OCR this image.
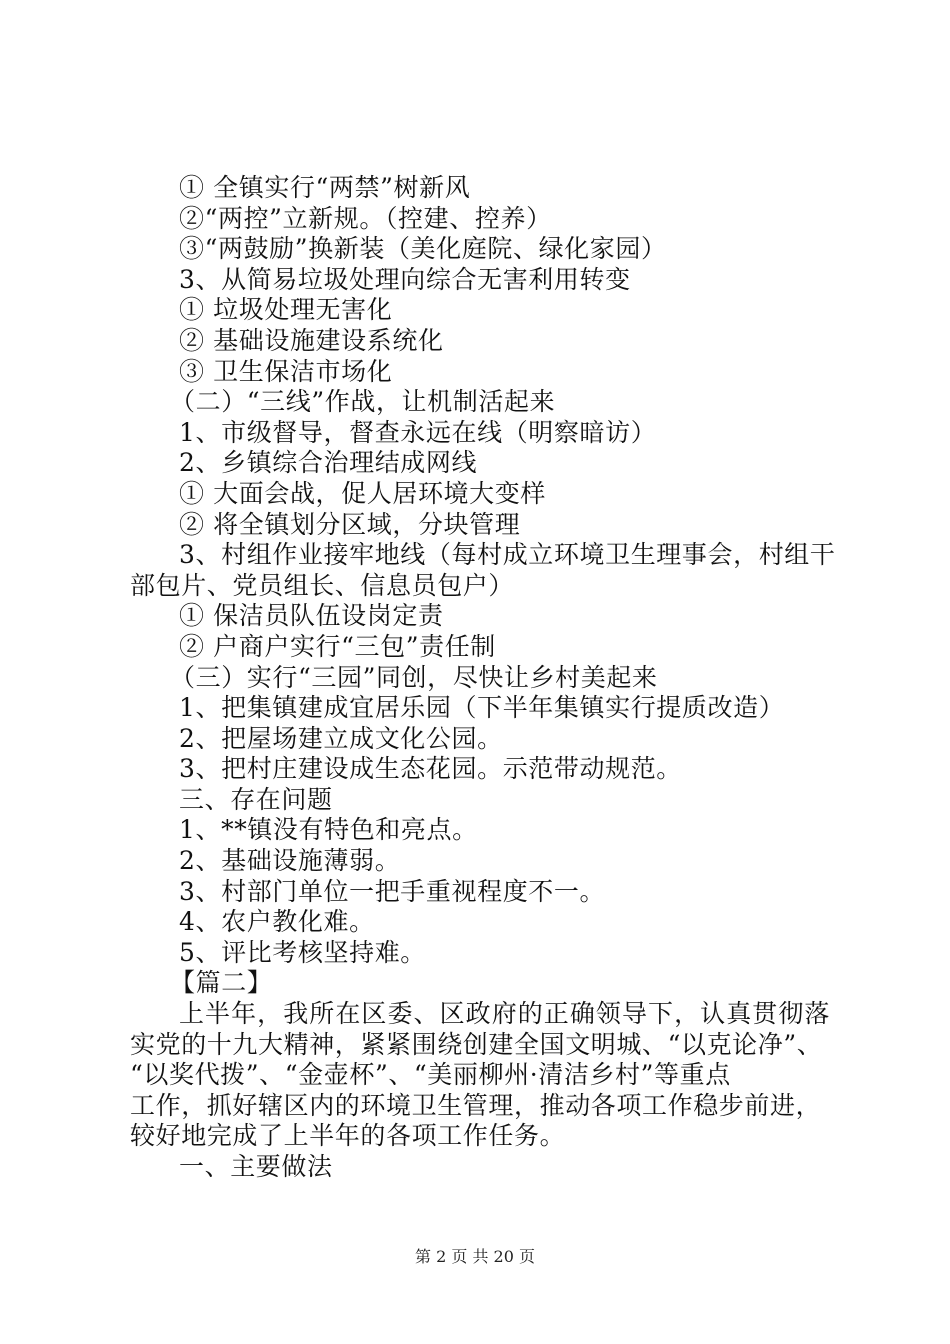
① 全镇实行“两禁”树新风
②“两控”立新规。（控建、控养）
③“两鼓励”换新装（美化庭院、绿化家园）
3、从简易垃圾处理向综合无害利用转变
① 垃圾处理无害化
② 基础设施建设系统化
③ 卫生保洁市场化
（二）“三线”作战，让机制活起来
1、市级督导，督查永远在线（明察暗访）
2、乡镇综合治理结成网线
① 大面会战，促人居环境大变样
② 将全镇划分区域，分块管理
3、村组作业接牢地线（每村成立环境卫生理事会，村组干
部包片、党员组长、信息员包户）
① 保洁员队伍设岗定责
② 户商户实行“三包”责任制
（三）实行“三园”同创，尽快让乡村美起来
1、把集镇建成宜居乐园（下半年集镇实行提质改造）
2、把屋场建立成文化公园。
3、把村庄建设成生态花园。示范带动规范。
三、存在问题
1、**镇没有特色和亮点。
2、基础设施薄弱。
3、村部门单位一把手重视程度不一。
4、农户教化难。
5、评比考核坚持难。
【篇二】
上半年，我所在区委、区政府的正确领导下，认真贯彻落
实党的十九大精神，紧紧围绕创建全国文明城、“以克论净”、
“以奖代拨”、“金壶杯”、“美丽柳州·清洁乡村”等重点
工作，抓好辖区内的环境卫生管理，推动各项工作稳步前进，
较好地完成了上半年的各项工作任务。
一、主要做法
第 2 页 共 20 页
